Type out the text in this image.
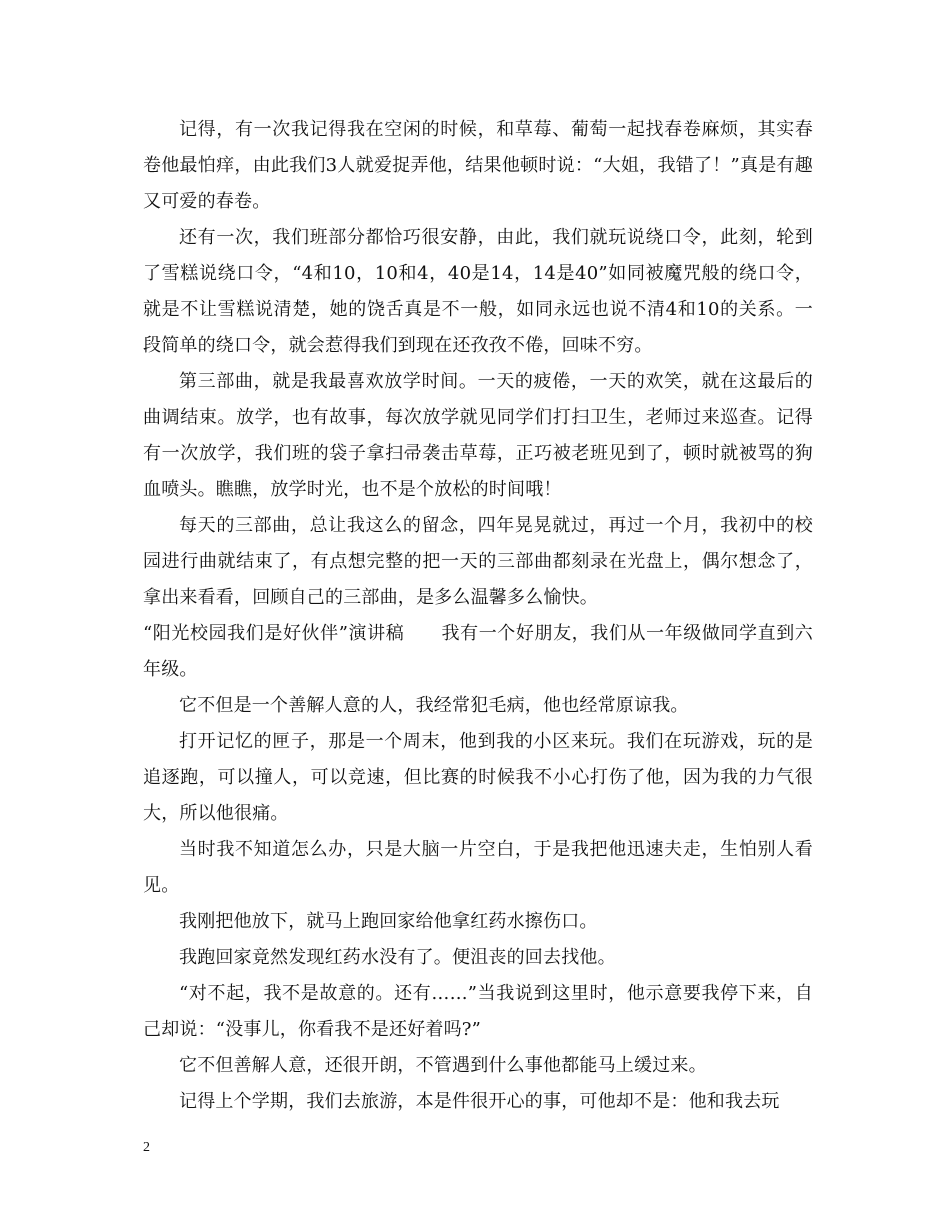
记得，有一次我记得我在空闲的时候，和草莓、葡萄一起找春卷麻烦，其实春卷他最怕痒，由此我们3人就爱捉弄他，结果他顿时说：“大姐，我错了！”真是有趣又可爱的春卷。

还有一次，我们班部分都恰巧很安静，由此，我们就玩说绕口令，此刻，轮到了雪糕说绕口令，“4和10，10和4，40是14，14是40”如同被魔咒般的绕口令，就是不让雪糕说清楚，她的饶舌真是不一般，如同永远也说不清4和10的关系。一段简单的绕口令，就会惹得我们到现在还孜孜不倦，回味不穷。

第三部曲，就是我最喜欢放学时间。一天的疲倦，一天的欢笑，就在这最后的曲调结束。放学，也有故事，每次放学就见同学们打扫卫生，老师过来巡查。记得有一次放学，我们班的袋子拿扫帚袭击草莓，正巧被老班见到了，顿时就被骂的狗血喷头。瞧瞧，放学时光，也不是个放松的时间哦！

每天的三部曲，总让我这么的留念，四年晃晃就过，再过一个月，我初中的校园进行曲就结束了，有点想完整的把一天的三部曲都刻录在光盘上，偶尔想念了，拿出来看看，回顾自己的三部曲，是多么温馨多么愉快。

“阳光校园我们是好伙伴”演讲稿　　我有一个好朋友，我们从一年级做同学直到六年级。

它不但是一个善解人意的人，我经常犯毛病，他也经常原谅我。

打开记忆的匣子，那是一个周末，他到我的小区来玩。我们在玩游戏，玩的是追逐跑，可以撞人，可以竞速，但比赛的时候我不小心打伤了他，因为我的力气很大，所以他很痛。

当时我不知道怎么办，只是大脑一片空白，于是我把他迅速夫走，生怕别人看见。

我刚把他放下，就马上跑回家给他拿红药水擦伤口。

我跑回家竟然发现红药水没有了。便沮丧的回去找他。

“对不起，我不是故意的。还有……”当我说到这里时，他示意要我停下来，自己却说：“没事儿，你看我不是还好着吗?”

它不但善解人意，还很开朗，不管遇到什么事他都能马上缓过来。

记得上个学期，我们去旅游，本是件很开心的事，可他却不是：他和我去玩

2
